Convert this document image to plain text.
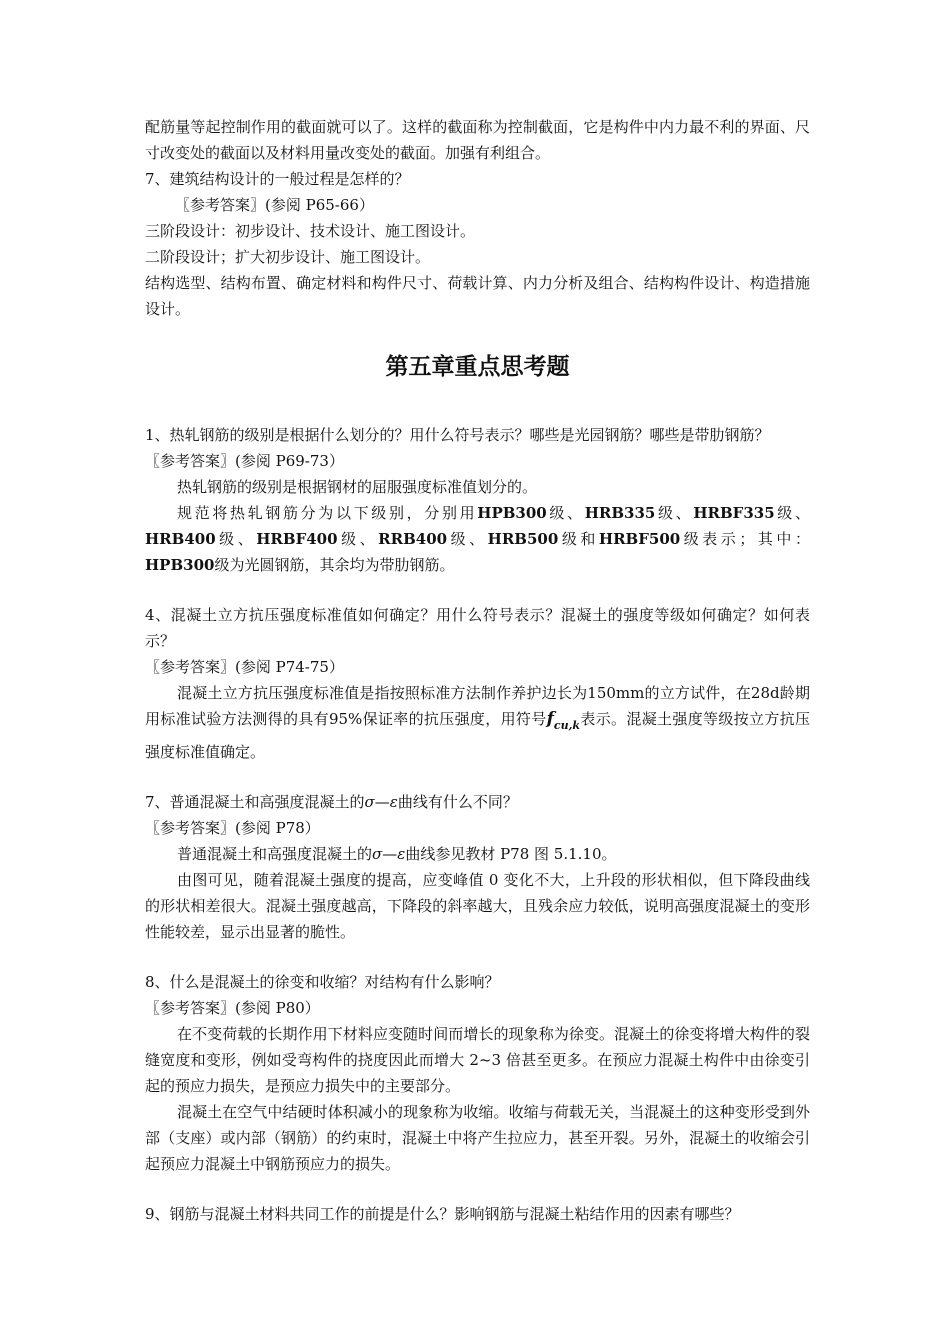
配筋量等起控制作用的截面就可以了。这样的截面称为控制截面，它是构件中内力最不利的界面、尺寸改变处的截面以及材料用量改变处的截面。加强有利组合。

7、建筑结构设计的一般过程是怎样的？

〖参考答案〗(参阅 P65-66）

三阶段设计：初步设计、技术设计、施工图设计。

二阶段设计；扩大初步设计、施工图设计。

结构选型、结构布置、确定材料和构件尺寸、荷载计算、内力分析及组合、结构构件设计、构造措施设计。

第五章重点思考题

1、热轧钢筋的级别是根据什么划分的？用什么符号表示？哪些是光园钢筋？哪些是带肋钢筋？

〖参考答案〗(参阅 P69-73）

热轧钢筋的级别是根据钢材的屈服强度标准值划分的。

规范将热轧钢筋分为以下级别，分别用HPB300级、HRB335级、HRBF335级、HRB400级、HRBF400级、RRB400级、HRB500级和HRBF500级表示；其中：HPB300级为光圆钢筋，其余均为带肋钢筋。

4、混凝土立方抗压强度标准值如何确定？用什么符号表示？混凝土的强度等级如何确定？如何表示？

〖参考答案〗(参阅 P74-75）

混凝土立方抗压强度标准值是指按照标准方法制作养护边长为150mm的立方试件，在28d龄期用标准试验方法测得的具有95%保证率的抗压强度，用符号$f_{cu,k}$表示。混凝土强度等级按立方抗压强度标准值确定。

7、普通混凝土和高强度混凝土的σ—ε曲线有什么不同？

〖参考答案〗(参阅 P78）

普通混凝土和高强度混凝土的σ—ε曲线参见教材 P78 图 5.1.10。

由图可见，随着混凝土强度的提高，应变峰值 0 变化不大，上升段的形状相似，但下降段曲线的形状相差很大。混凝土强度越高，下降段的斜率越大，且残余应力较低，说明高强度混凝土的变形性能较差，显示出显著的脆性。

8、什么是混凝土的徐变和收缩？对结构有什么影响？

〖参考答案〗(参阅 P80）

在不变荷载的长期作用下材料应变随时间而增长的现象称为徐变。混凝土的徐变将增大构件的裂缝宽度和变形，例如受弯构件的挠度因此而增大 2~3 倍甚至更多。在预应力混凝土构件中由徐变引起的预应力损失，是预应力损失中的主要部分。

混凝土在空气中结硬时体积减小的现象称为收缩。收缩与荷载无关，当混凝土的这种变形受到外部（支座）或内部（钢筋）的约束时，混凝土中将产生拉应力，甚至开裂。另外，混凝土的收缩会引起预应力混凝土中钢筋预应力的损失。

9、钢筋与混凝土材料共同工作的前提是什么？影响钢筋与混凝土粘结作用的因素有哪些？
